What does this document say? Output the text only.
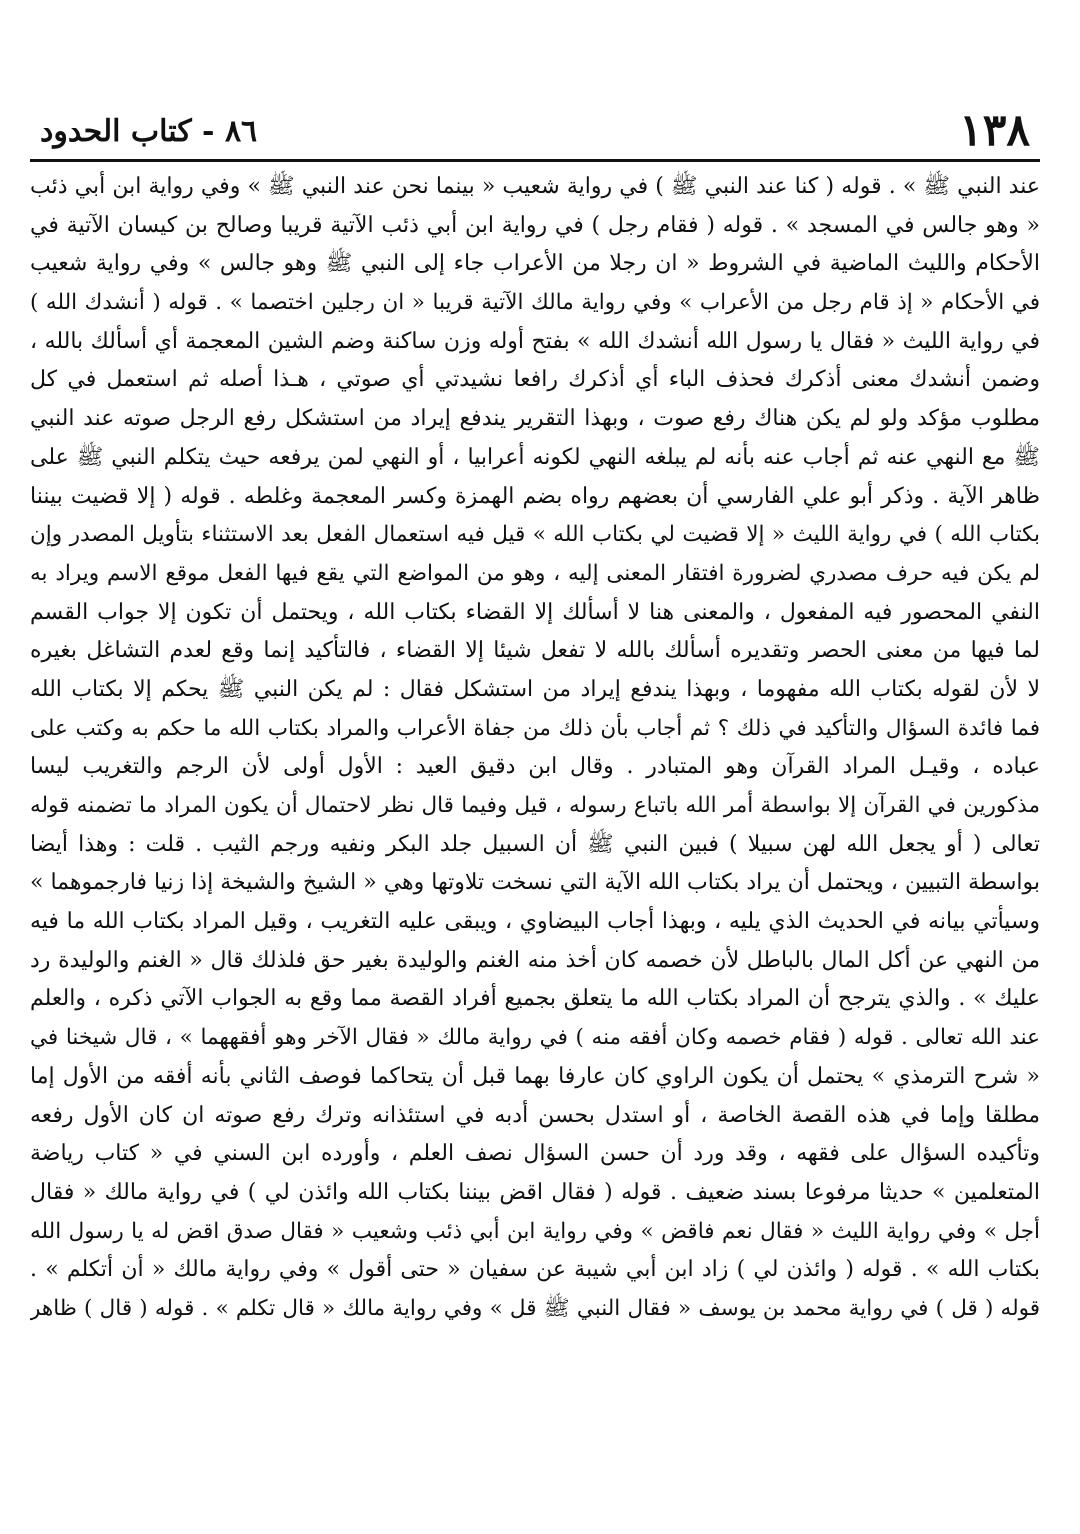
١٣٨
٨٦ - كتاب الحدود
عند النبي ﷺ » . قوله ( كنا عند النبي ﷺ ) في رواية شعيب « بينما نحن عند النبي ﷺ » وفي رواية ابن أبي ذئب
« وهو جالس في المسجد » . قوله ( فقام رجل ) في رواية ابن أبي ذئب الآتية قريبا وصالح بن كيسان الآتية في
الأحكام والليث الماضية في الشروط « ان رجلا من الأعراب جاء إلى النبي ﷺ وهو جالس » وفي رواية شعيب
في الأحكام « إذ قام رجل من الأعراب » وفي رواية مالك الآتية قريبا « ان رجلين اختصما » . قوله ( أنشدك الله )
في رواية الليث « فقال يا رسول الله أنشدك الله » بفتح أوله وزن ساكنة وضم الشين المعجمة أي أسألك بالله ،
وضمن أنشدك معنى أذكرك فحذف الباء أي أذكرك رافعا نشيدتي أي صوتي ، هـذا أصله ثم استعمل في كل
مطلوب مؤكد ولو لم يكن هناك رفع صوت ، وبهذا التقرير يندفع إيراد من استشكل رفع الرجل صوته عند النبي
ﷺ مع النهي عنه ثم أجاب عنه بأنه لم يبلغه النهي لكونه أعرابيا ، أو النهي لمن يرفعه حيث يتكلم النبي ﷺ على
ظاهر الآية . وذكر أبو علي الفارسي أن بعضهم رواه بضم الهمزة وكسر المعجمة وغلطه . قوله ( إلا قضيت بيننا
بكتاب الله ) في رواية الليث « إلا قضيت لي بكتاب الله » قيل فيه استعمال الفعل بعد الاستثناء بتأويل المصدر وإن
لم يكن فيه حرف مصدري لضرورة افتقار المعنى إليه ، وهو من المواضع التي يقع فيها الفعل موقع الاسم ويراد به
النفي المحصور فيه المفعول ، والمعنى هنا لا أسألك إلا القضاء بكتاب الله ، ويحتمل أن تكون إلا جواب القسم
لما فيها من معنى الحصر وتقديره أسألك بالله لا تفعل شيئا إلا القضاء ، فالتأكيد إنما وقع لعدم التشاغل بغيره
لا لأن لقوله بكتاب الله مفهوما ، وبهذا يندفع إيراد من استشكل فقال : لم يكن النبي ﷺ يحكم إلا بكتاب الله
فما فائدة السؤال والتأكيد في ذلك ؟ ثم أجاب بأن ذلك من جفاة الأعراب والمراد بكتاب الله ما حكم به وكتب على
عباده ، وقيـل المراد القرآن وهو المتبادر . وقال ابن دقيق العيد : الأول أولى لأن الرجم والتغريب ليسا
مذكورين في القرآن إلا بواسطة أمر الله باتباع رسوله ، قيل وفيما قال نظر لاحتمال أن يكون المراد ما تضمنه قوله
تعالى ( أو يجعل الله لهن سبيلا ) فبين النبي ﷺ أن السبيل جلد البكر ونفيه ورجم الثيب . قلت : وهذا أيضا
بواسطة التبيين ، ويحتمل أن يراد بكتاب الله الآية التي نسخت تلاوتها وهي « الشيخ والشيخة إذا زنيا فارجموهما »
وسيأتي بيانه في الحديث الذي يليه ، وبهذا أجاب البيضاوي ، ويبقى عليه التغريب ، وقيل المراد بكتاب الله ما فيه
من النهي عن أكل المال بالباطل لأن خصمه كان أخذ منه الغنم والوليدة بغير حق فلذلك قال « الغنم والوليدة رد
عليك » . والذي يترجح أن المراد بكتاب الله ما يتعلق بجميع أفراد القصة مما وقع به الجواب الآتي ذكره ، والعلم
عند الله تعالى . قوله ( فقام خصمه وكان أفقه منه ) في رواية مالك « فقال الآخر وهو أفقههما » ، قال شيخنا في
« شرح الترمذي » يحتمل أن يكون الراوي كان عارفا بهما قبل أن يتحاكما فوصف الثاني بأنه أفقه من الأول إما
مطلقا وإما في هذه القصة الخاصة ، أو استدل بحسن أدبه في استئذانه وترك رفع صوته ان كان الأول رفعه
وتأكيده السؤال على فقهه ، وقد ورد أن حسن السؤال نصف العلم ، وأورده ابن السني في « كتاب رياضة
المتعلمين » حديثا مرفوعا بسند ضعيف . قوله ( فقال اقض بيننا بكتاب الله وائذن لي ) في رواية مالك « فقال
أجل » وفي رواية الليث « فقال نعم فاقض » وفي رواية ابن أبي ذئب وشعيب « فقال صدق اقض له يا رسول الله
بكتاب الله » . قوله ( وائذن لي ) زاد ابن أبي شيبة عن سفيان « حتى أقول » وفي رواية مالك « أن أتكلم » .
قوله ( قل ) في رواية محمد بن يوسف « فقال النبي ﷺ قل » وفي رواية مالك « قال تكلم » . قوله ( قال ) ظاهر
